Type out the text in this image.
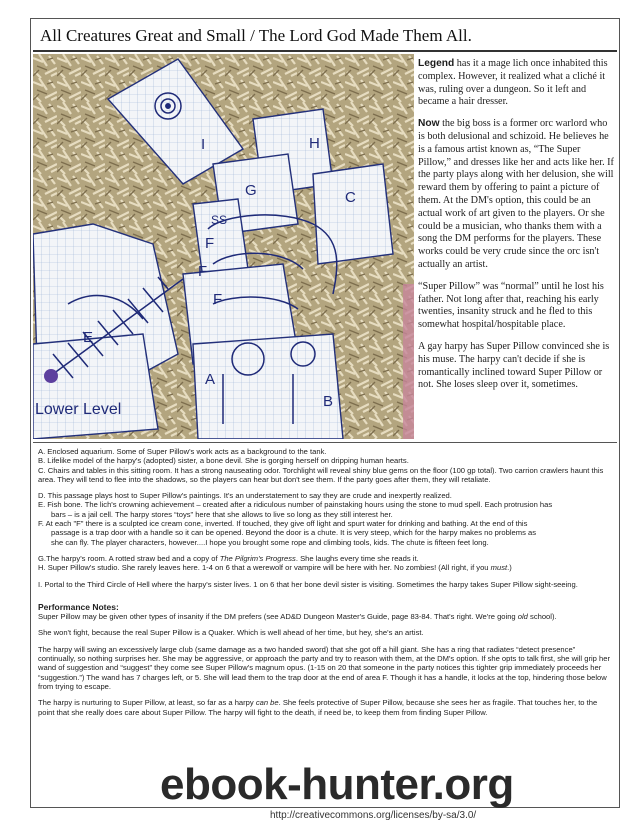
All Creatures Great and Small / The Lord God Made Them All.
I	H
G	C
SS
F
F
F
E
A
B
Lower Level

Legend has it a mage lich once inhabited this complex. However, it realized what a cliché it was, ruling over a dungeon. So it left and became a hair dresser.

Now the big boss is a former orc warlord who is both delusional and schizoid. He believes he is a famous artist known as, “The Super Pillow,” and dresses like her and acts like her. If the party plays along with her delusion, she will reward them by offering to paint a picture of them. At the DM's option, this could be an actual work of art given to the players. Or she could be a musician, who thanks them with a song the DM performs for the players. These works could be very crude since the orc isn't actually an artist.

“Super Pillow” was “normal” until he lost his father. Not long after that, reaching his early twenties, insanity struck and he fled to this somewhat hospital/hospitable place.

A gay harpy has Super Pillow convinced she is his muse. The harpy can't decide if she is romantically inclined toward Super Pillow or not. She loses sleep over it, sometimes.

A. Enclosed aquarium. Some of Super Pillow's work acts as a background to the tank.

B. Lifelike model of the harpy's (adopted) sister, a bone devil. She is gorging herself on dripping human hearts.

C. Chairs and tables in this sitting room. It has a strong nauseating odor. Torchlight will reveal shiny blue gems on the floor (100 gp total). Two carrion crawlers haunt this area. They will tend to flee into the shadows, so the players can hear but don't see them. If the party goes after them, they will retaliate.

D. This passage plays host to Super Pillow's paintings. It's an understatement to say they are crude and inexpertly realized.

E. Fish bone. The lich's crowning achievement – created after a ridiculous number of painstaking hours using the stone to mud spell. Each protrusion has

bars – is a jail cell. The harpy stores “toys” here that she allows to live so long as they still interest her.

F. At each "F" there is a sculpted ice cream cone, inverted. If touched, they give off light and spurt water for drinking and bathing. At the end of this

passage is a trap door with a handle so it can be opened. Beyond the door is a chute. It is very steep, which for the harpy makes no problems as

she can fly. The player characters, however....I hope you brought some rope and climbing tools, kids. The chute is fifteen feet long.

G.The harpy's room. A rotted straw bed and a copy of The Pilgrim's Progress. She laughs every time she reads it.

H. Super Pillow's studio. She rarely leaves here. 1-4 on 6 that a werewolf or vampire will be here with her. No zombies! (All right, if you must.)

I. Portal to the Third Circle of Hell where the harpy's sister lives. 1 on 6 that her bone devil sister is visiting. Sometimes the harpy takes Super Pillow sight-seeing.

Performance Notes:

Super Pillow may be given other types of insanity if the DM prefers (see AD&D Dungeon Master's Guide, page 83-84. That's right. We're going old school).

She won't fight, because the real Super Pillow is a Quaker. Which is well ahead of her time, but hey, she's an artist.

The harpy will swing an excessively large club (same damage as a two handed sword) that she got off a hill giant. She has a ring that radiates “detect presence” continually, so nothing surprises her. She may be aggressive, or approach the party and try to reason with them, at the DM's option. If she opts to talk first, she will grip her wand of suggestion and “suggest” they come see Super Pillow's magnum opus. (1-15 on 20 that someone in the party notices this tighter grip immediately proceeds her “suggestion.”) The wand has 7 charges left, or 5. She will lead them to the trap door at the end of area F. Though it has a handle, it locks at the top, hindering those below from trying to escape.

The harpy is nurturing to Super Pillow, at least, so far as a harpy can be. She feels protective of Super Pillow, because she sees her as fragile. That touches her, to the point that she really does care about Super Pillow. The harpy will fight to the death, if need be, to keep them from finding Super Pillow.

ebook-hunter.org
http://creativecommons.org/licenses/by-sa/3.0/
